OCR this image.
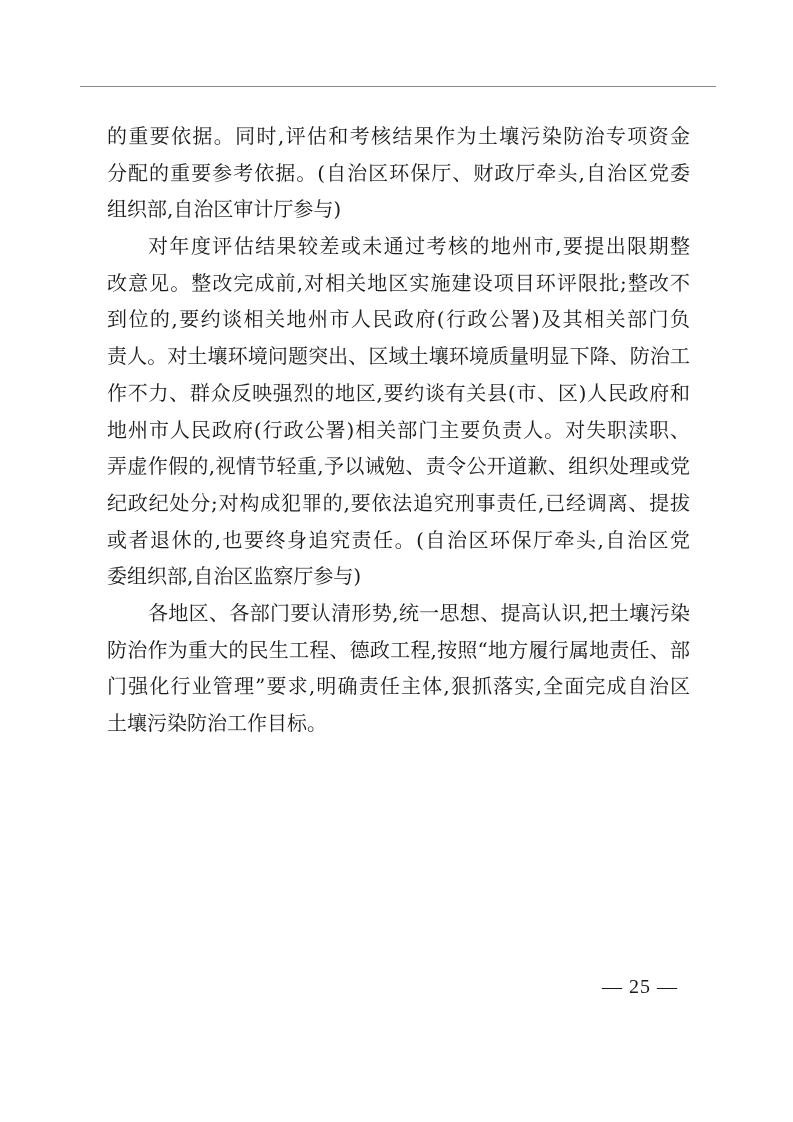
的重要依据。同时,评估和考核结果作为土壤污染防治专项资金
分配的重要参考依据。(自治区环保厅、财政厅牵头,自治区党委
组织部,自治区审计厅参与)
对年度评估结果较差或未通过考核的地州市,要提出限期整
改意见。整改完成前,对相关地区实施建设项目环评限批;整改不
到位的,要约谈相关地州市人民政府(行政公署)及其相关部门负
责人。对土壤环境问题突出、区域土壤环境质量明显下降、防治工
作不力、群众反映强烈的地区,要约谈有关县(市、区)人民政府和
地州市人民政府(行政公署)相关部门主要负责人。对失职渎职、
弄虚作假的,视情节轻重,予以诫勉、责令公开道歉、组织处理或党
纪政纪处分;对构成犯罪的,要依法追究刑事责任,已经调离、提拔
或者退休的,也要终身追究责任。(自治区环保厅牵头,自治区党
委组织部,自治区监察厅参与)
各地区、各部门要认清形势,统一思想、提高认识,把土壤污染
防治作为重大的民生工程、德政工程,按照“地方履行属地责任、部
门强化行业管理”要求,明确责任主体,狠抓落实,全面完成自治区
土壤污染防治工作目标。
— 25 —
